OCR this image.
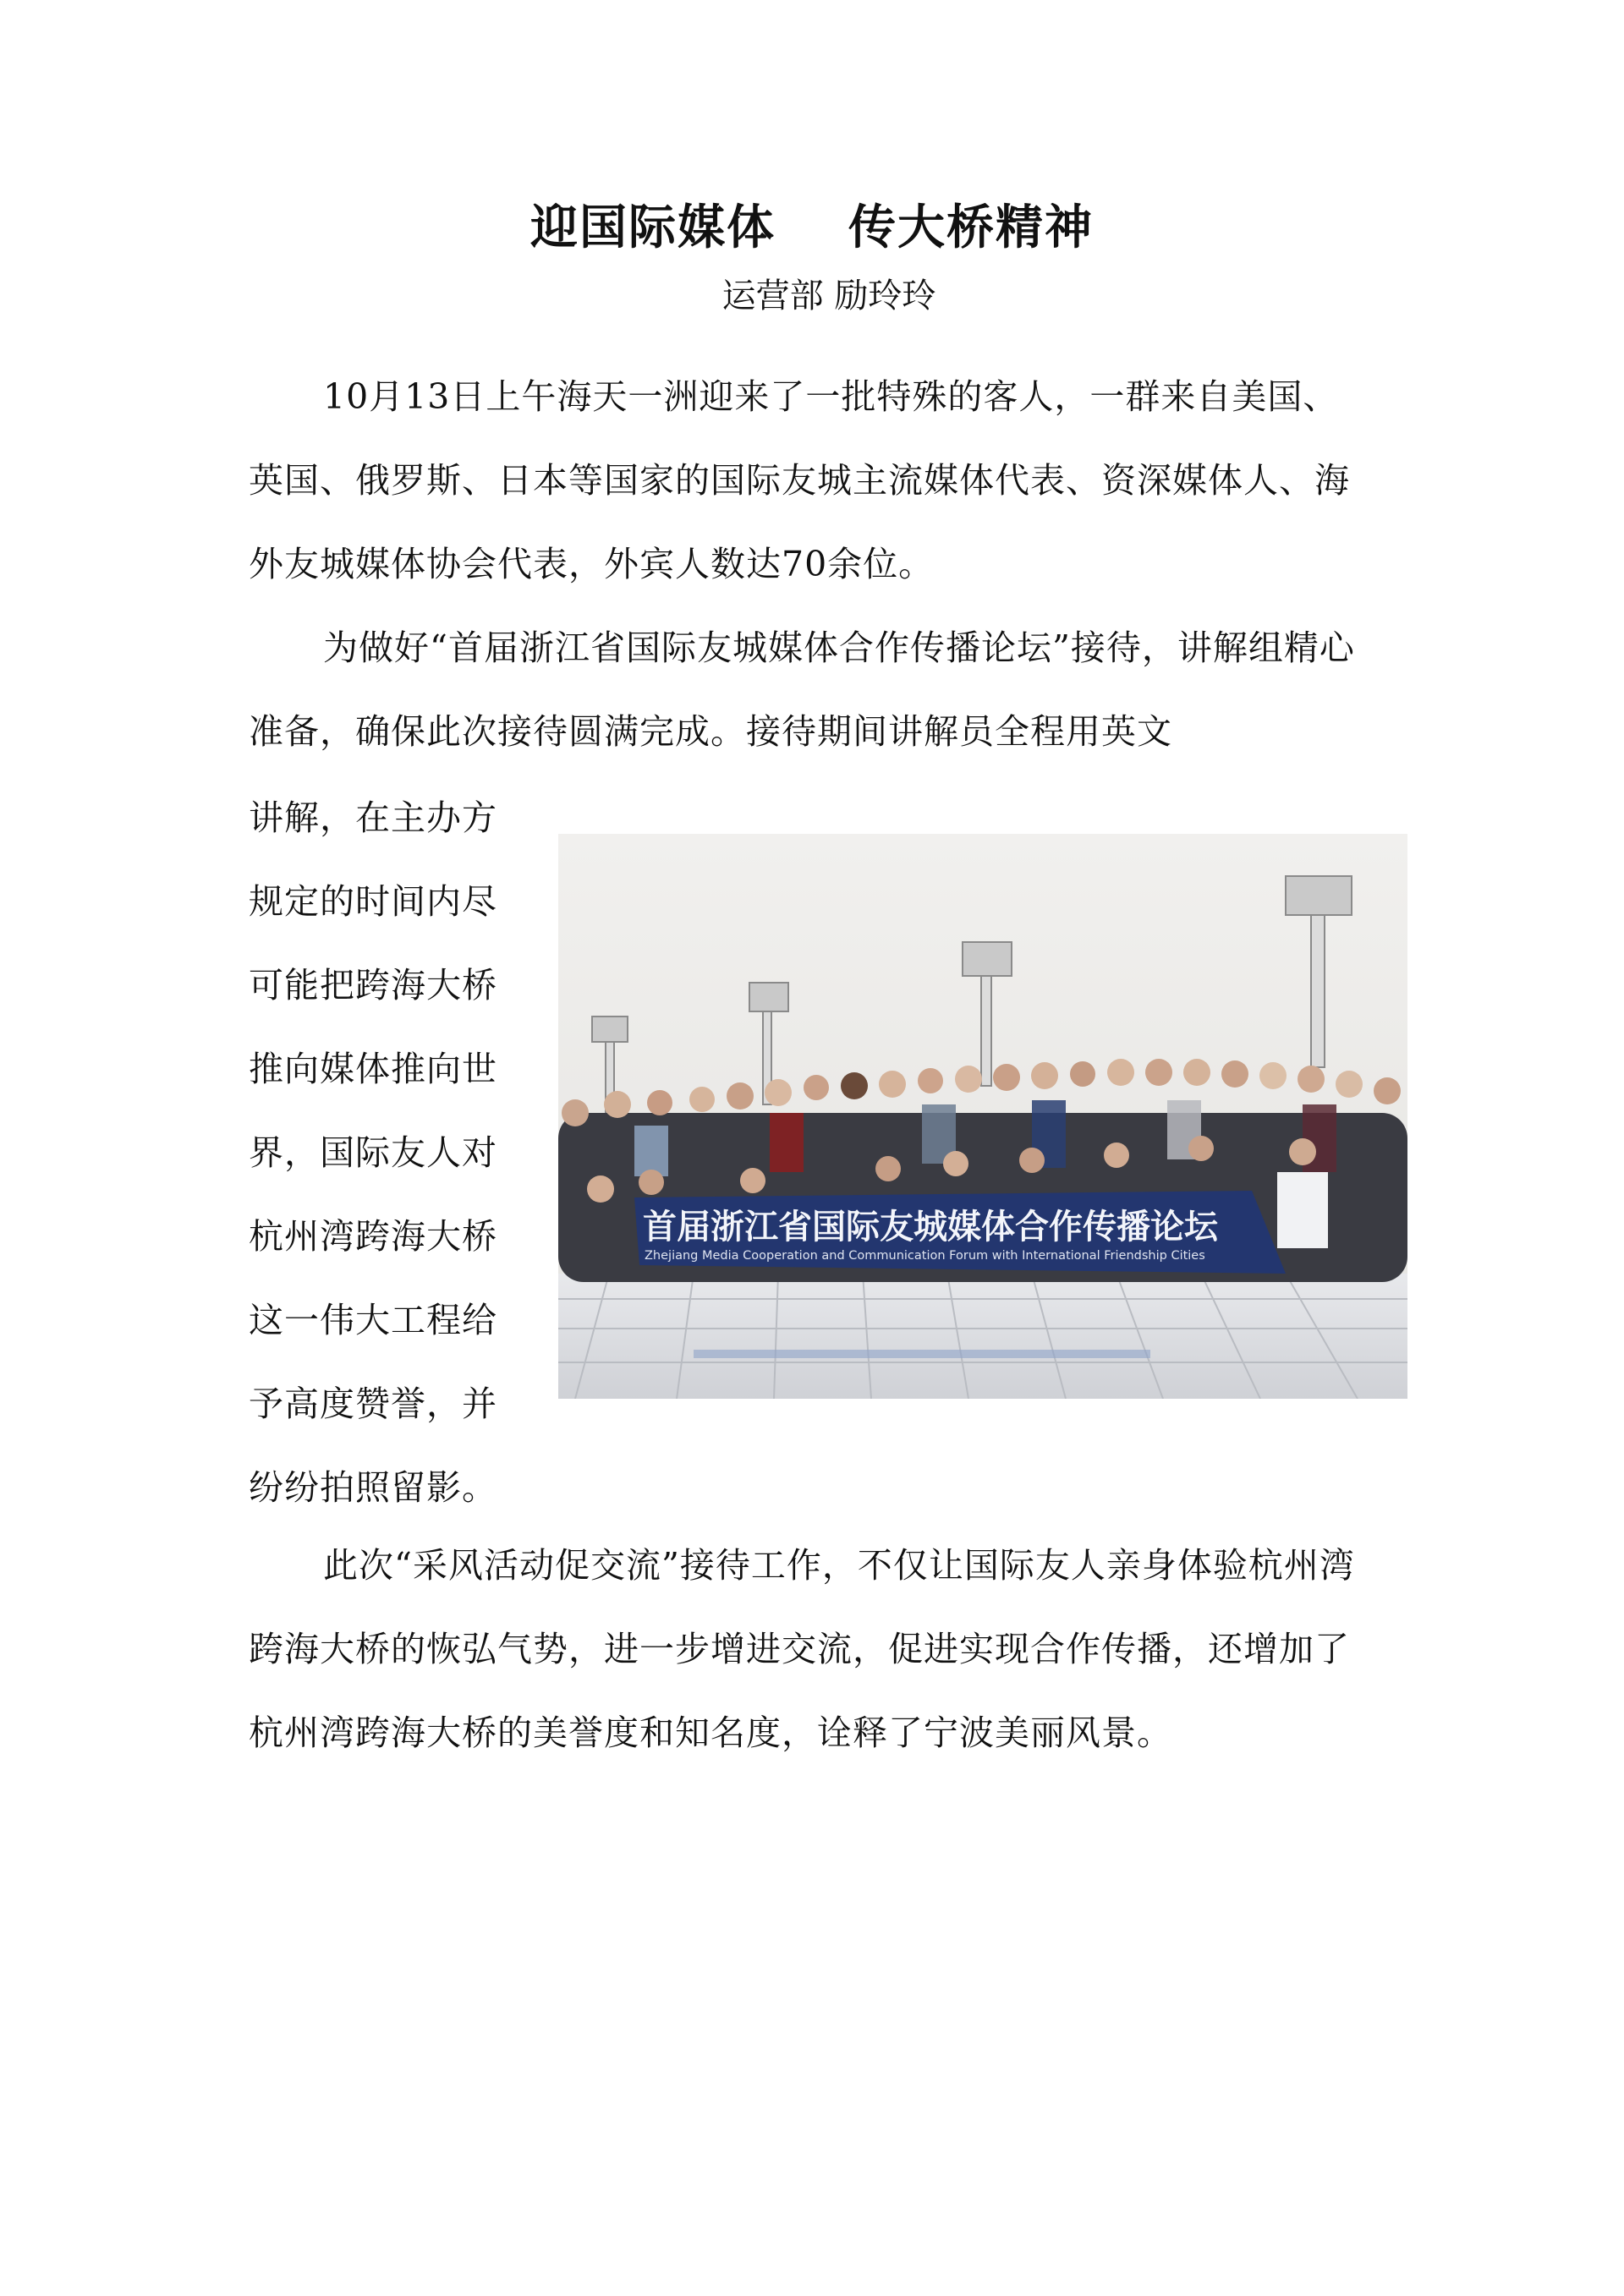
迎国际媒体    传大桥精神
运营部 励玲玲
10月13日上午海天一洲迎来了一批特殊的客人，一群来自美国、英国、俄罗斯、日本等国家的国际友城主流媒体代表、资深媒体人、海外友城媒体协会代表，外宾人数达70余位。
为做好“首届浙江省国际友城媒体合作传播论坛”接待，讲解组精心准备，确保此次接待圆满完成。接待期间讲解员全程用英文
讲解，在主办方规定的时间内尽可能把跨海大桥推向媒体推向世界，国际友人对杭州湾跨海大桥这一伟大工程给予高度赞誉，并纷纷拍照留影。
首届浙江省国际友城媒体合作传播论坛
Zhejiang Media Cooperation and Communication Forum with International Friendship Cities
此次“采风活动促交流”接待工作，不仅让国际友人亲身体验杭州湾跨海大桥的恢弘气势，进一步增进交流，促进实现合作传播，还增加了杭州湾跨海大桥的美誉度和知名度，诠释了宁波美丽风景。
